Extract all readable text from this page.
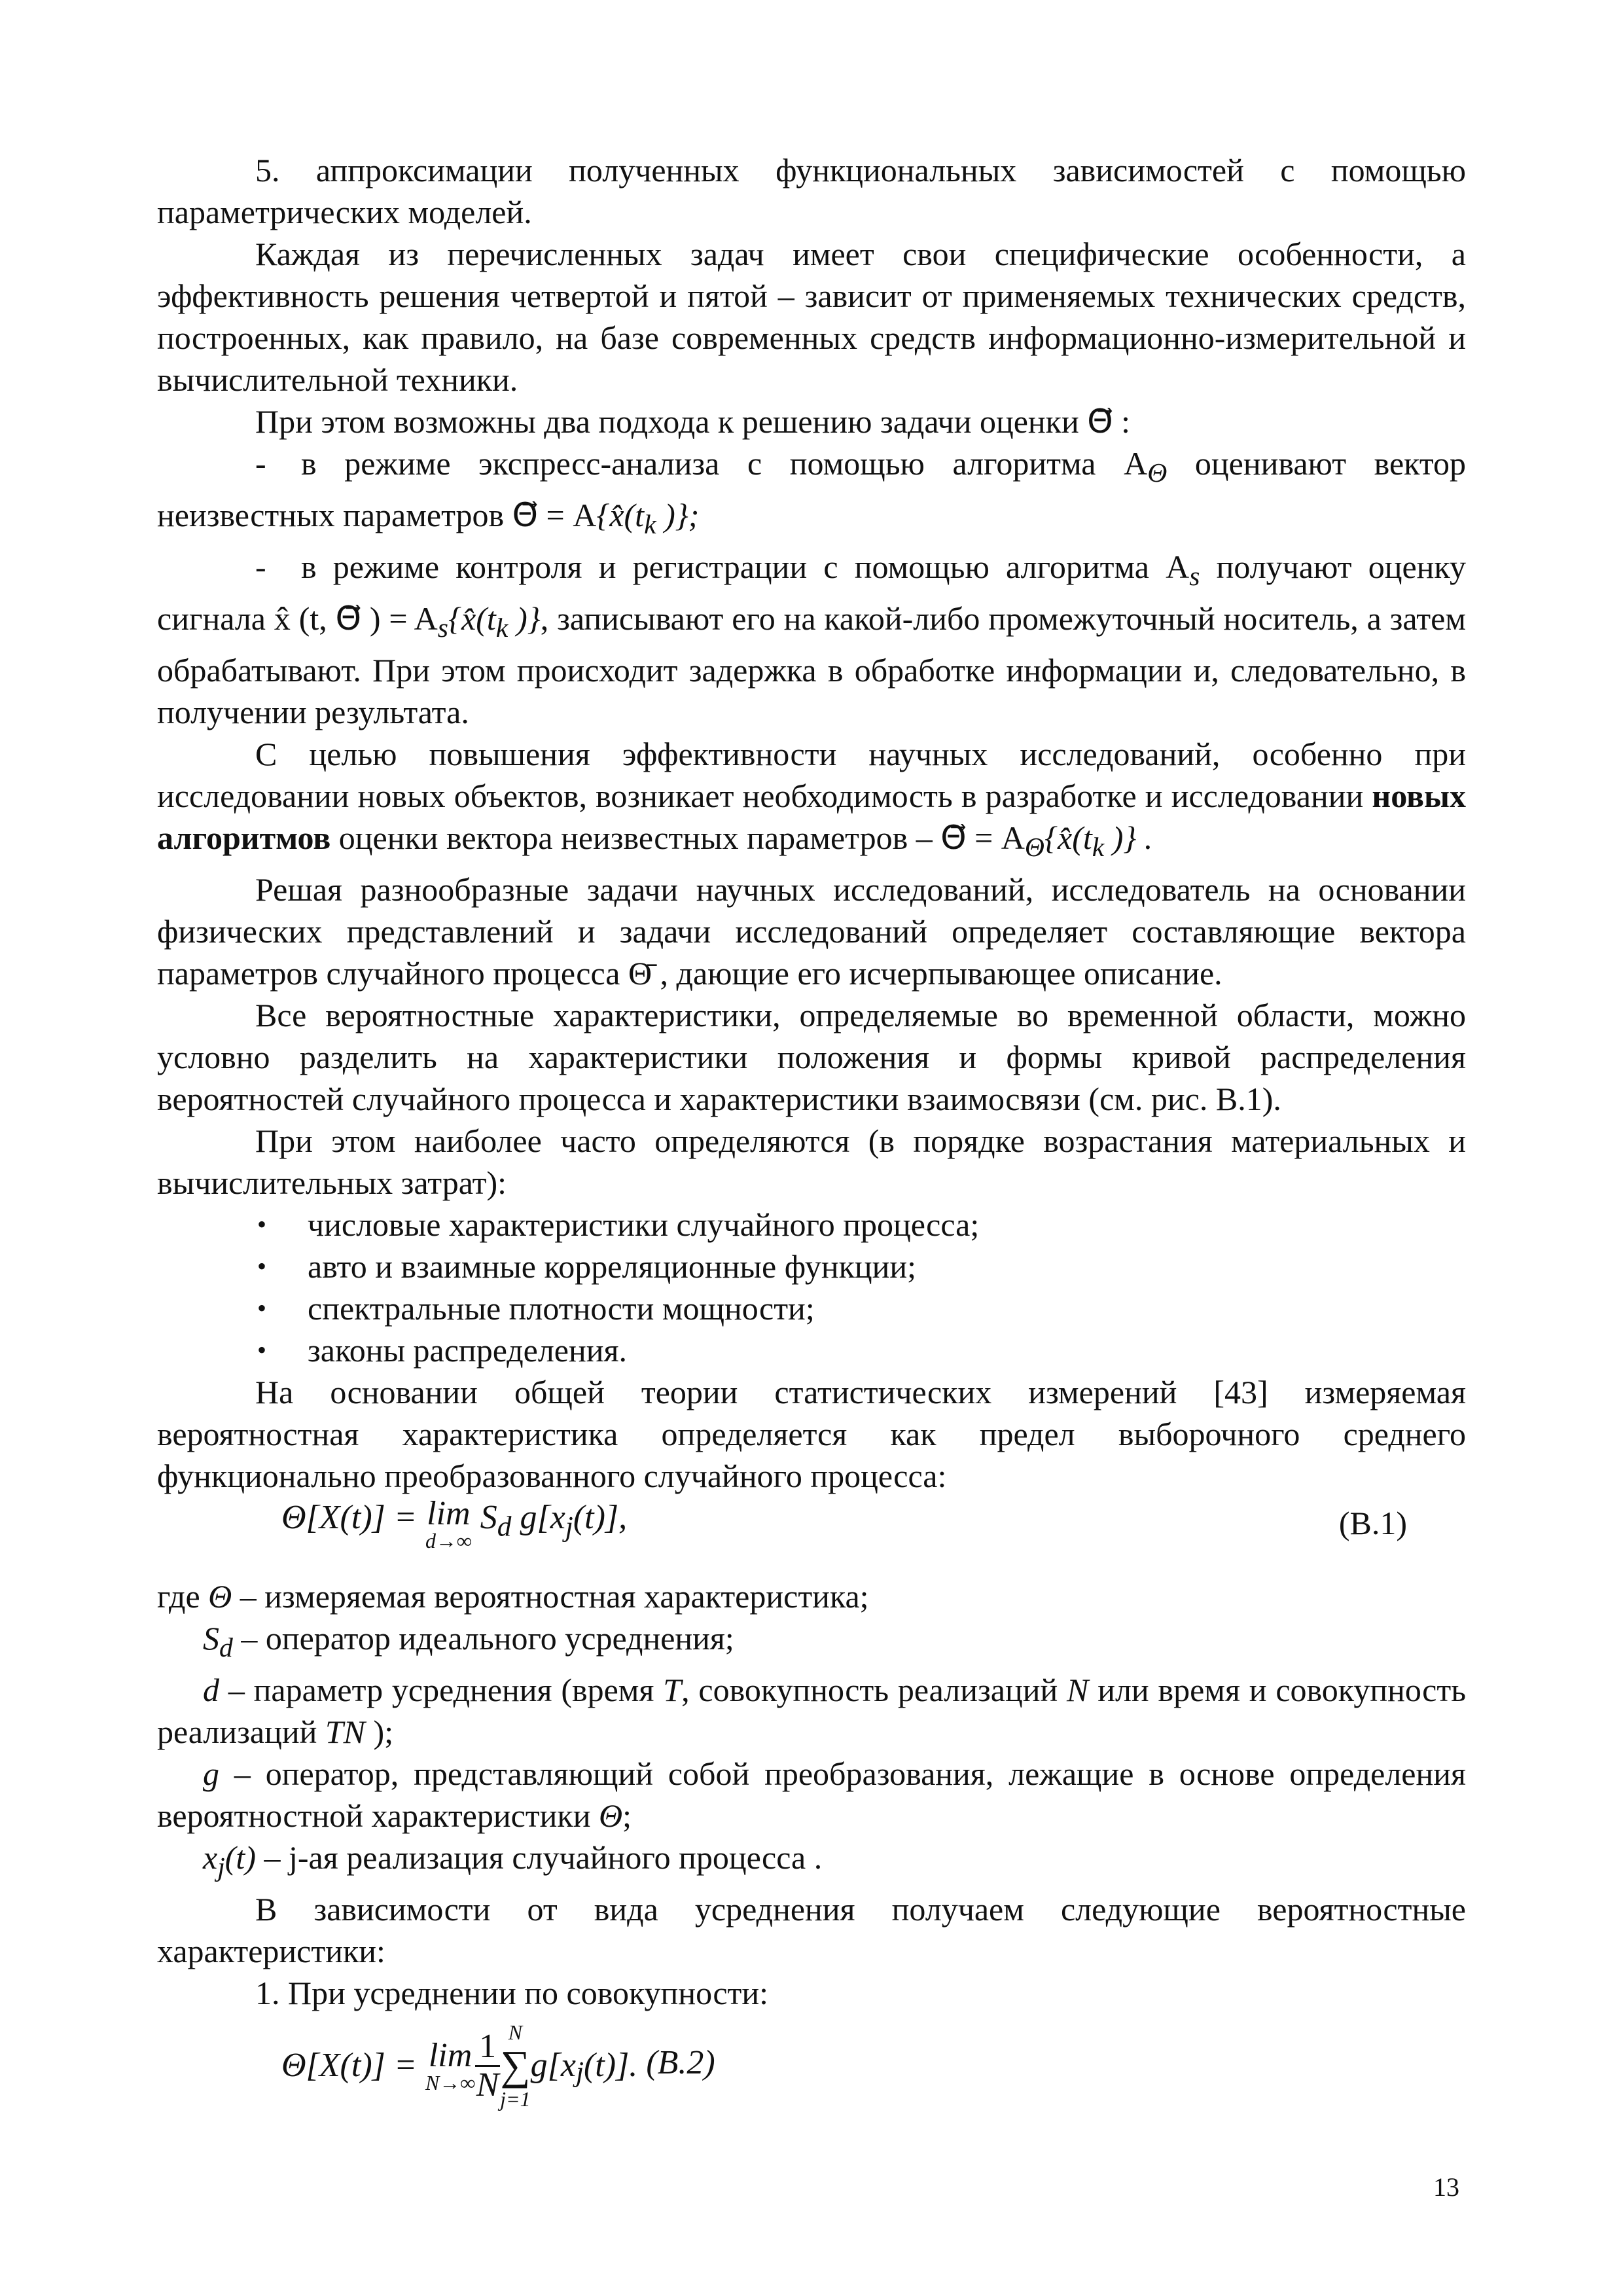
5. аппроксимации полученных функциональных зависимостей с помощью параметрических моделей.

Каждая из перечисленных задач имеет свои специфические особенности, а эффективность решения четвертой и пятой – зависит от применяемых технических средств, построенных, как правило, на базе современных средств информационно-измерительной и вычислительной техники.

При этом возможны два подхода к решению задачи оценки Θ⃗ :

- в режиме экспресс-анализа с помощью алгоритма $A_\Theta$ оценивают вектор неизвестных параметров Θ⃗ = $A\{x̂(t_k$ )};

- в режиме контроля и регистрации с помощью алгоритма $A_s$ получают оценку сигнала x̂ (t, Θ⃗ ) = $A_s\{x̂(t_k$ )}, записывают его на какой-либо промежуточный носитель, а затем обрабатывают. При этом происходит задержка в обработке информации и, следовательно, в получении результата.

С целью повышения эффективности научных исследований, особенно при исследовании новых объектов, возникает необходимость в разработке и исследовании новых алгоритмов оценки вектора неизвестных параметров – Θ⃗ = $A_\Theta\{x̂(t_k$ )} .

Решая разнообразные задачи научных исследований, исследователь на основании физических представлений и задачи исследований определяет составляющие вектора параметров случайного процесса Θ̄ , дающие его исчерпывающее описание.

Все вероятностные характеристики, определяемые во временной области, можно условно разделить на характеристики положения и формы кривой распределения вероятностей случайного процесса и характеристики взаимосвязи (см. рис. В.1).

При этом наиболее часто определяются (в порядке возрастания материальных и вычислительных затрат):

• числовые характеристики случайного процесса;
• авто и взаимные корреляционные функции;
• спектральные плотности мощности;
• законы распределения.

На основании общей теории статистических измерений [43] измеряемая вероятностная характеристика определяется как предел выборочного среднего функционально преобразованного случайного процесса:

Θ[X(t)] = lim
d→∞
$S_d$ $g[x_j(t)]$,	(В.1)

где Θ – измеряемая вероятностная характеристика;

$S_d$ – оператор идеального усреднения;

d – параметр усреднения (время T, совокупность реализаций N или время и совокупность реализаций TN );

g – оператор, представляющий собой преобразования, лежащие в основе определения вероятностной характеристики Θ;

$x_j(t) - j-ая$ реализация случайного процесса .

В зависимости от вида усреднения получаем следующие вероятностные характеристики:

1. При усреднении по совокупности:

Θ[X(t)] = lim
$N\to\infty \frac{1}{N}$ N
∑
j=1
$g[x_j(t)]$. (В.2)
13
